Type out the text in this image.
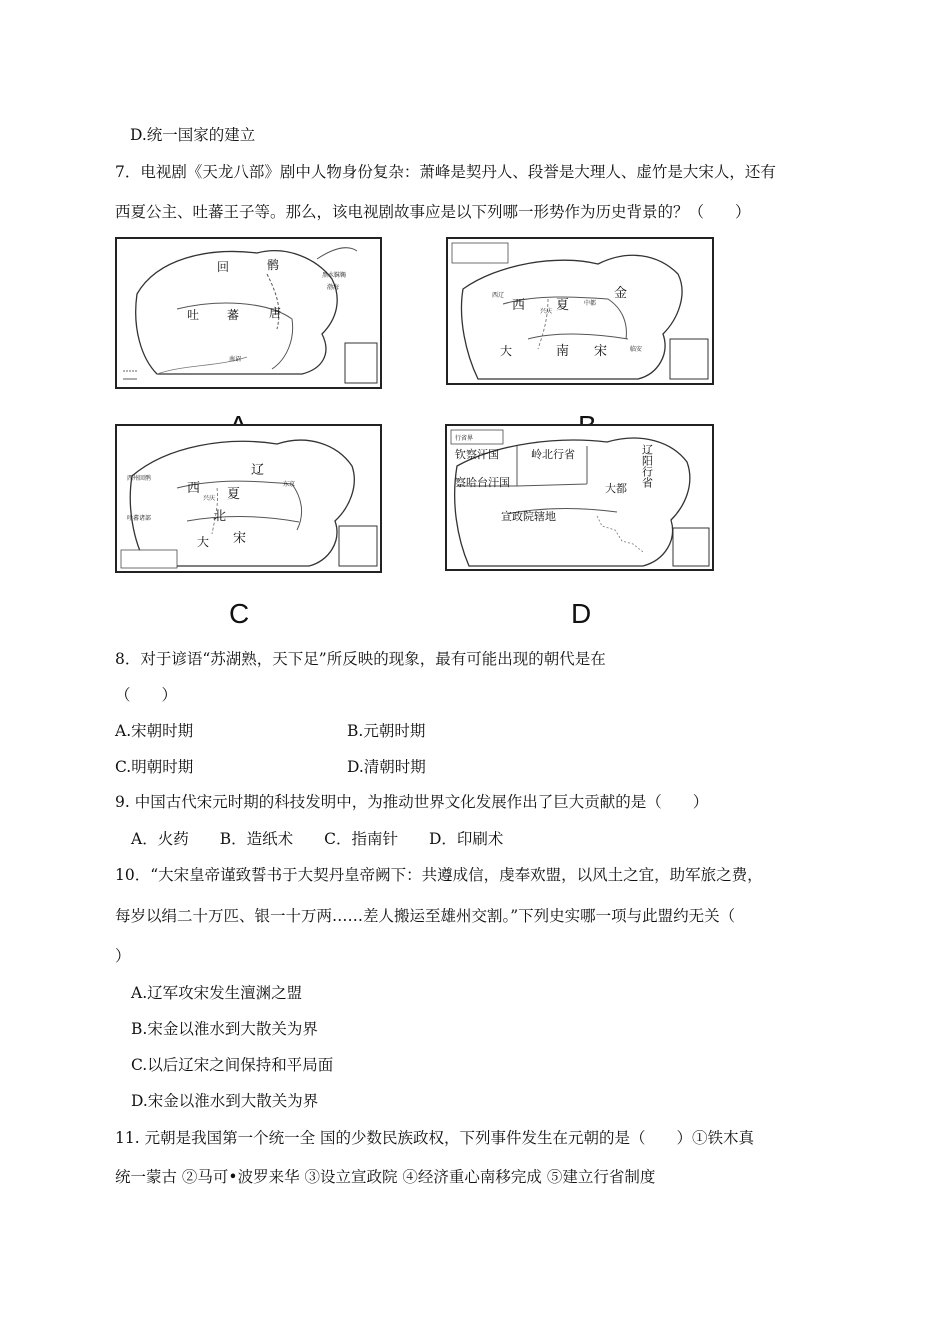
D.统一国家的建立
7．电视剧《天龙八部》剧中人物身份复杂：萧峰是契丹人、段誉是大理人、虚竹是大宋人，还有
西夏公主、吐蕃王子等。那么，该电视剧故事应是以下列哪一形势作为历史背景的？（　　）
回	鹘
吐 蕃 唐
南诏
渤海
黑水靺鞨
金
西 夏
南 宋
大
中都
西辽
兴庆
临安
辽
西 夏
北
宋
大
西州回鹘
吐蕃诸部
东京
兴庆
C
钦察汗国	岭北行省	辽阳行省
察哈台汗国	大都
宣政院辖地
行省界
D
8．对于谚语“苏湖熟，天下足”所反映的现象，最有可能出现的朝代是在
（　　）
A.宋朝时期	B.元朝时期
C.明朝时期	D.清朝时期
9. 中国古代宋元时期的科技发明中，为推动世界文化发展作出了巨大贡献的是（　　）
A．火药　　B．造纸术　　C．指南针　　D．印刷术
10．“大宋皇帝谨致誓书于大契丹皇帝阙下：共遵成信，虔奉欢盟，以风土之宜，助军旅之费，
每岁以绢二十万匹、银一十万两……差人搬运至雄州交割。”下列史实哪一项与此盟约无关（
）
A.辽军攻宋发生澶渊之盟
B.宋金以淮水到大散关为界
C.以后辽宋之间保持和平局面
D.宋金以淮水到大散关为界
11. 元朝是我国第一个统一全 国的少数民族政权，下列事件发生在元朝的是（　　）①铁木真
统一蒙古 ②马可•波罗来华 ③设立宣政院 ④经济重心南移完成 ⑤建立行省制度
